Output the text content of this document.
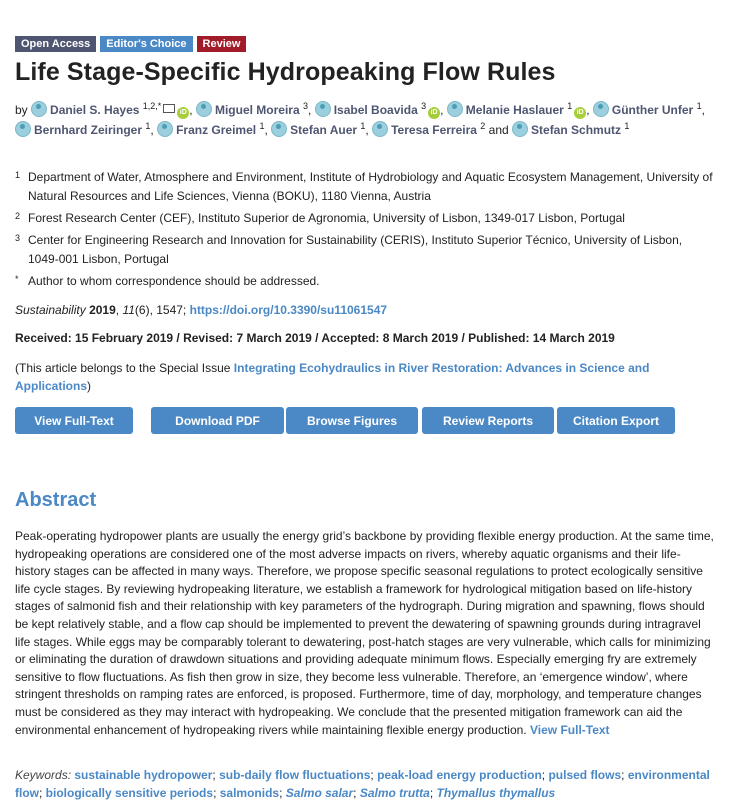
Open Access	Editor's Choice	Review
Life Stage-Specific Hydropeaking Flow Rules
by Daniel S. Hayes $^{1,2,*}$iD , Miguel Moreira $^3$, Isabel Boavida $^3$iD , Melanie Haslauer $^1$iD , Günther Unfer $^1$, Bernhard Zeiringer $^1$, Franz Greimel $^1$, Stefan Auer $^1$, Teresa Ferreira $^2$ and Stefan Schmutz $^1$
1 Department of Water, Atmosphere and Environment, Institute of Hydrobiology and Aquatic Ecosystem Management, University of Natural Resources and Life Sciences, Vienna (BOKU), 1180 Vienna, Austria
2 Forest Research Center (CEF), Instituto Superior de Agronomia, University of Lisbon, 1349-017 Lisbon, Portugal
3 Center for Engineering Research and Innovation for Sustainability (CERIS), Instituto Superior Técnico, University of Lisbon, 1049-001 Lisbon, Portugal
* Author to whom correspondence should be addressed.
Sustainability 2019, 11(6), 1547; https://doi.org/10.3390/su11061547
Received: 15 February 2019 / Revised: 7 March 2019 / Accepted: 8 March 2019 / Published: 14 March 2019
(This article belongs to the Special Issue Integrating Ecohydraulics in River Restoration: Advances in Science and Applications)
View Full-Text	Download PDF	Browse Figures	Review Reports	Citation Export
Abstract
Peak-operating hydropower plants are usually the energy grid’s backbone by providing flexible energy production. At the same time, hydropeaking operations are considered one of the most adverse impacts on rivers, whereby aquatic organisms and their life-history stages can be affected in many ways. Therefore, we propose specific seasonal regulations to protect ecologically sensitive life cycle stages. By reviewing hydropeaking literature, we establish a framework for hydrological mitigation based on life-history stages of salmonid fish and their relationship with key parameters of the hydrograph. During migration and spawning, flows should be kept relatively stable, and a flow cap should be implemented to prevent the dewatering of spawning grounds during intragravel life stages. While eggs may be comparably tolerant to dewatering, post-hatch stages are very vulnerable, which calls for minimizing or eliminating the duration of drawdown situations and providing adequate minimum flows. Especially emerging fry are extremely sensitive to flow fluctuations. As fish then grow in size, they become less vulnerable. Therefore, an ‘emergence window’, where stringent thresholds on ramping rates are enforced, is proposed. Furthermore, time of day, morphology, and temperature changes must be considered as they may interact with hydropeaking. We conclude that the presented mitigation framework can aid the environmental enhancement of hydropeaking rivers while maintaining flexible energy production. View Full-Text
Keywords: sustainable hydropower; sub-daily flow fluctuations; peak-load energy production; pulsed flows; environmental flow; biologically sensitive periods; salmonids; Salmo salar; Salmo trutta; Thymallus thymallus
